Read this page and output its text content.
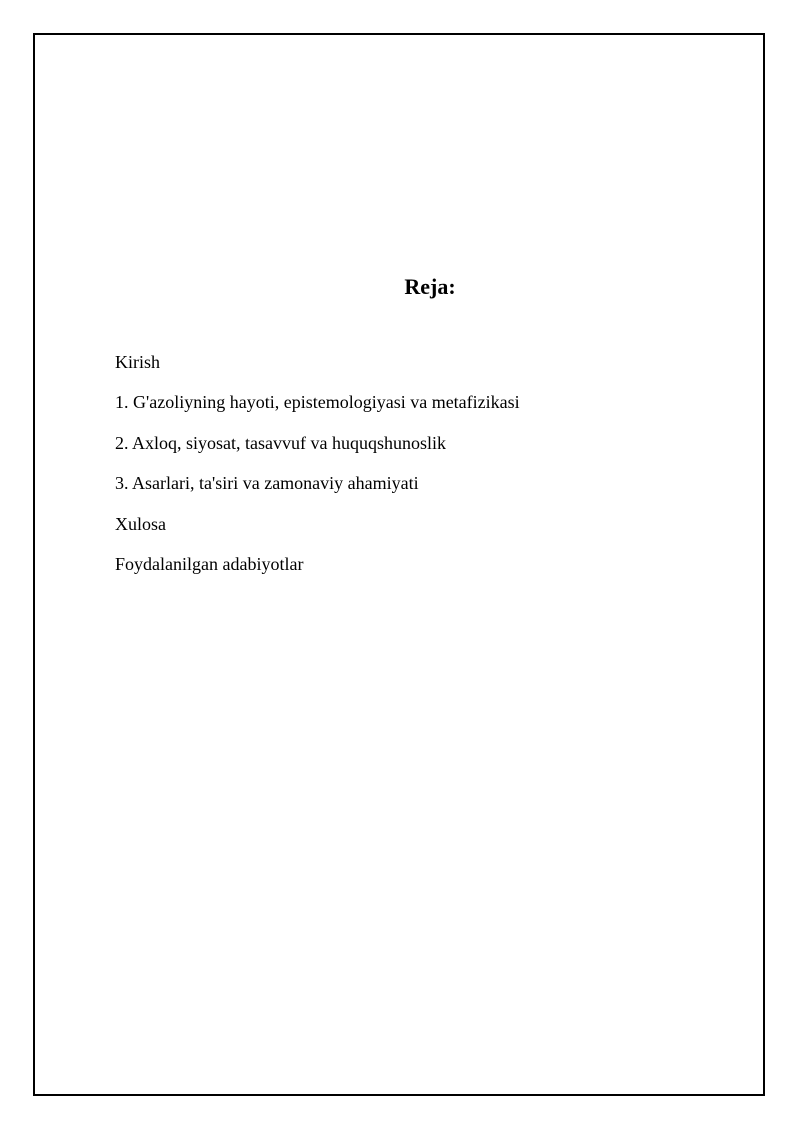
Reja:
Kirish
1. G'azoliyning hayoti, epistemologiyasi va metafizikasi
2. Axloq, siyosat, tasavvuf va huquqshunoslik
3. Asarlari, ta'siri va zamonaviy ahamiyati
Xulosa
Foydalanilgan adabiyotlar
